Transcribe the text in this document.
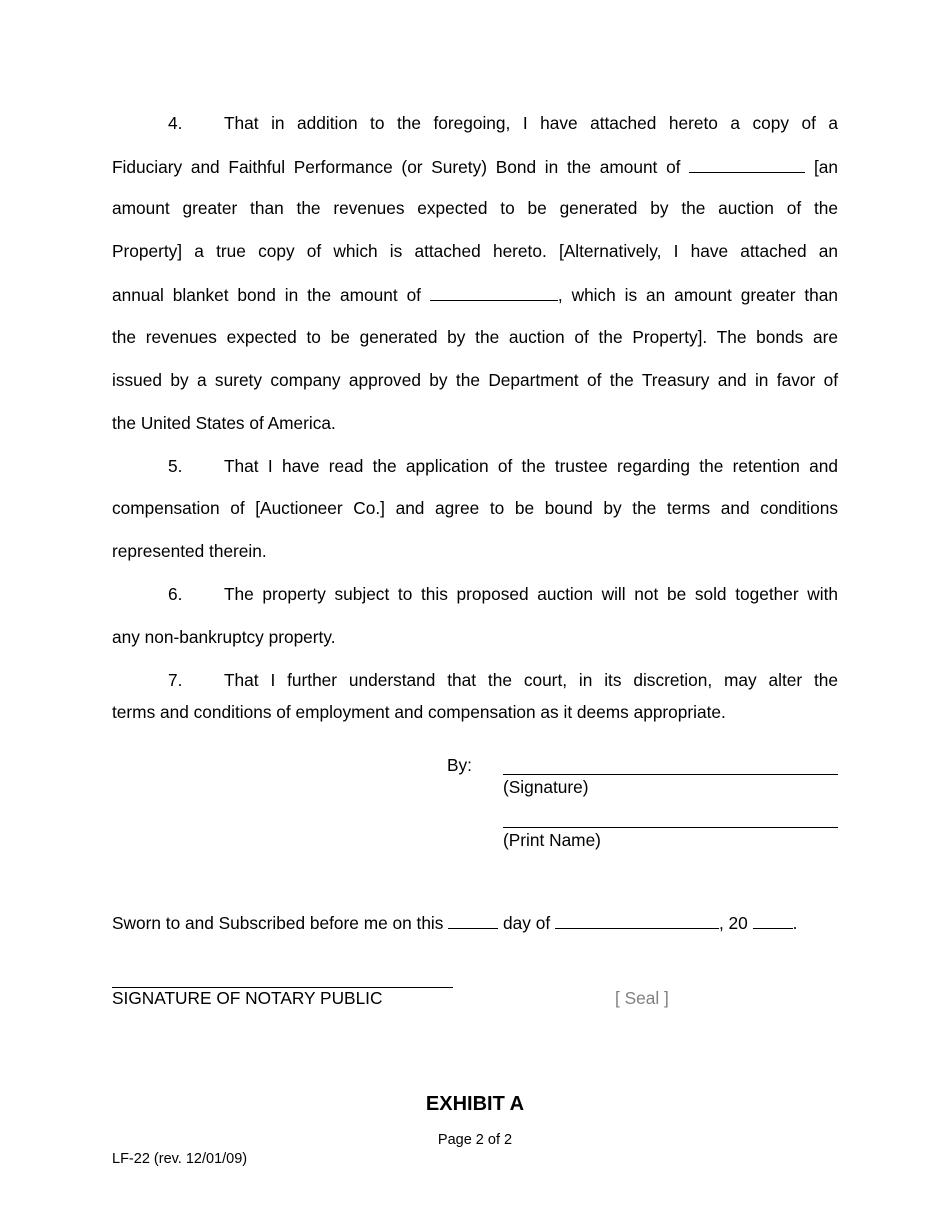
4. That in addition to the foregoing, I have attached hereto a copy of a
Fiduciary and Faithful Performance (or Surety) Bond in the amount of	[an
amount greater than the revenues expected to be generated by the auction of the
Property] a true copy of which is attached hereto. [Alternatively, I have attached an
annual blanket bond in the amount of	, which is an amount greater than
the revenues expected to be generated by the auction of the Property]. The bonds are
issued by a surety company approved by the Department of the Treasury and in favor of
the United States of America.
5. That I have read the application of the trustee regarding the retention and
compensation of [Auctioneer Co.] and agree to be bound by the terms and conditions
represented therein.
6. The property subject to this proposed auction will not be sold together with
any non-bankruptcy property.
7. That I further understand that the court, in its discretion, may alter the
terms and conditions of employment and compensation as it deems appropriate.
By:
(Signature)
(Print Name)
Sworn to and Subscribed before me on this	day of	, 20	.
SIGNATURE OF NOTARY PUBLIC	[ Seal ]
EXHIBIT A
Page 2 of 2
LF-22 (rev. 12/01/09)
